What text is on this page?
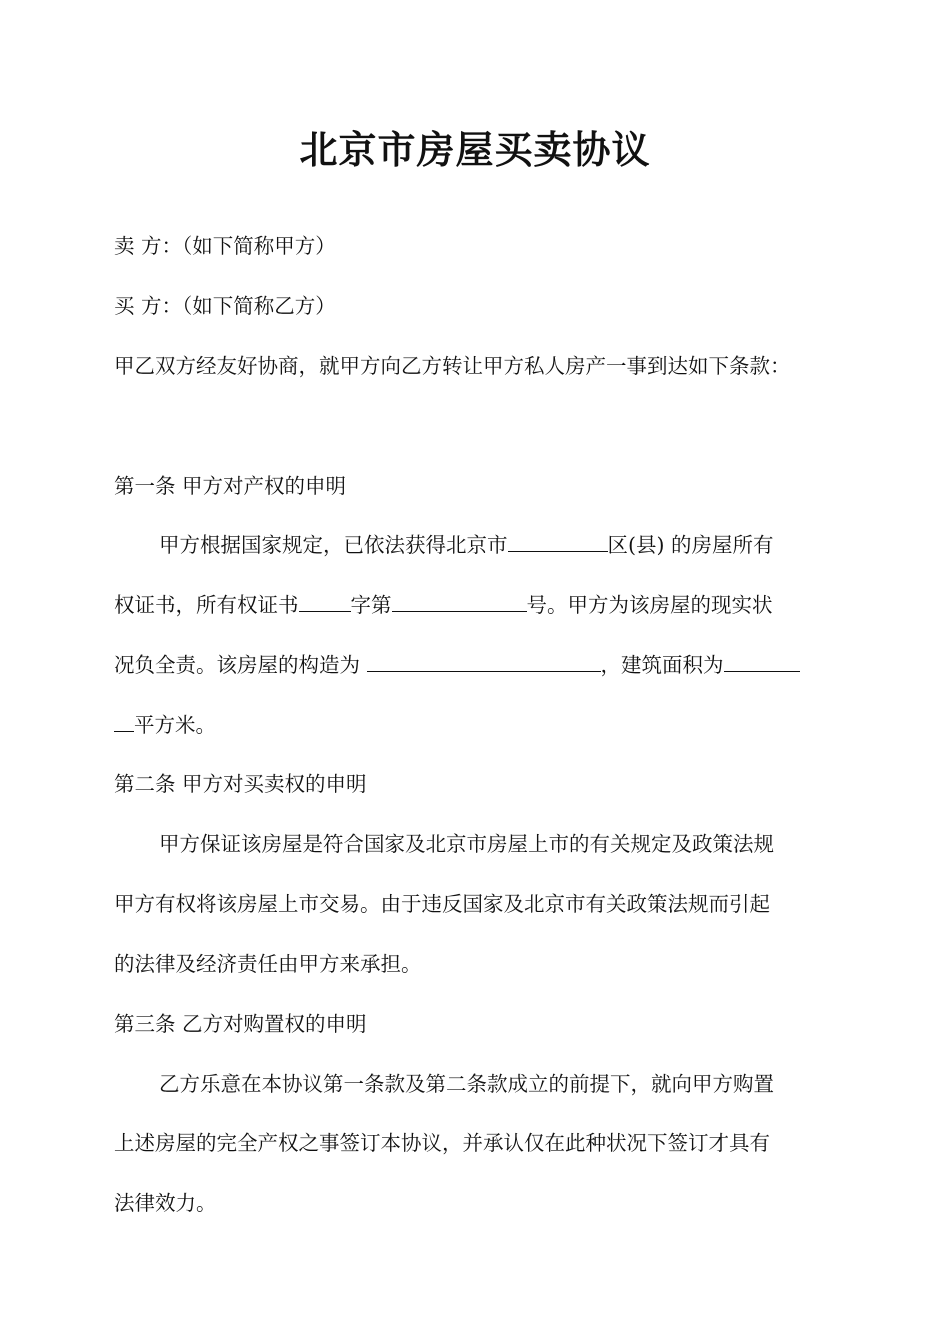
北京市房屋买卖协议
卖 方：（如下简称甲方）
买 方：（如下简称乙方）
甲乙双方经友好协商，就甲方向乙方转让甲方私人房产一事到达如下条款：
第一条 甲方对产权的申明
甲方根据国家规定，已依法获得北京市	区(县) 的房屋所有
权证书，所有权证书	字第	号。甲方为该房屋的现实状
况负全责。该房屋的构造为	，建筑面积为
平方米。
第二条 甲方对买卖权的申明
甲方保证该房屋是符合国家及北京市房屋上市的有关规定及政策法规
甲方有权将该房屋上市交易。由于违反国家及北京市有关政策法规而引起
的法律及经济责任由甲方来承担。
第三条 乙方对购置权的申明
乙方乐意在本协议第一条款及第二条款成立的前提下，就向甲方购置
上述房屋的完全产权之事签订本协议，并承认仅在此种状况下签订才具有
法律效力。
